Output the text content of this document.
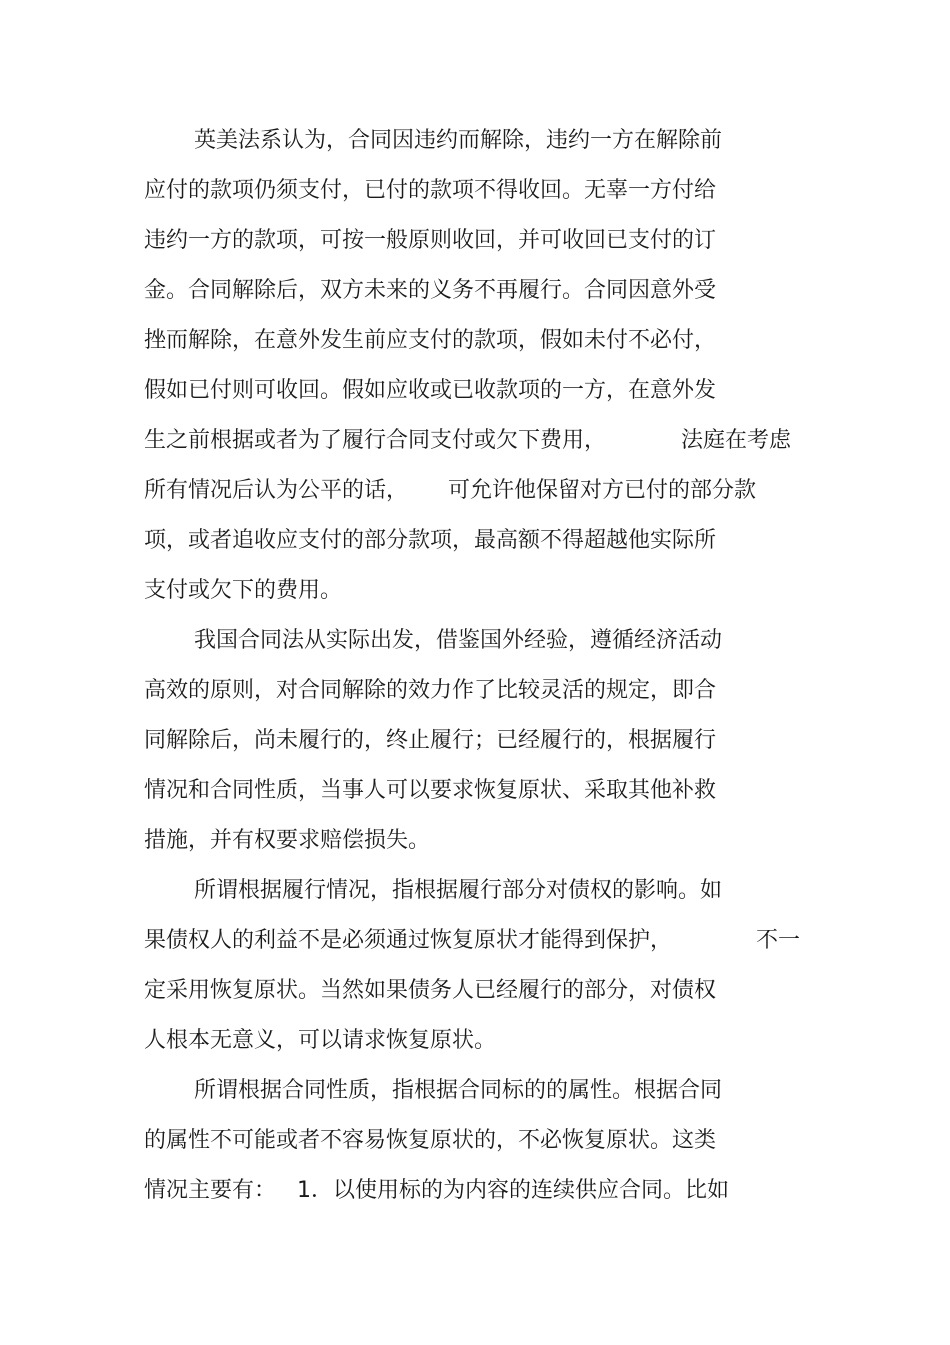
英美法系认为，合同因违约而解除，违约一方在解除前
应付的款项仍须支付，已付的款项不得收回。无辜一方付给
违约一方的款项，可按一般原则收回，并可收回已支付的订
金。合同解除后，双方未来的义务不再履行。合同因意外受
挫而解除，在意外发生前应支付的款项，假如未付不必付，
假如已付则可收回。假如应收或已收款项的一方，在意外发
生之前根据或者为了履行合同支付或欠下费用，	法庭在考虑
所有情况后认为公平的话， 可允许他保留对方已付的部分款
项，或者追收应支付的部分款项，最高额不得超越他实际所
支付或欠下的费用。
我国合同法从实际出发，借鉴国外经验，遵循经济活动
高效的原则，对合同解除的效力作了比较灵活的规定，即合
同解除后，尚未履行的，终止履行；已经履行的，根据履行
情况和合同性质，当事人可以要求恢复原状、采取其他补救
措施，并有权要求赔偿损失。
所谓根据履行情况，指根据履行部分对债权的影响。如
果债权人的利益不是必须通过恢复原状才能得到保护，	不一
定采用恢复原状。当然如果债务人已经履行的部分，对债权
人根本无意义，可以请求恢复原状。
所谓根据合同性质，指根据合同标的的属性。根据合同
的属性不可能或者不容易恢复原状的，不必恢复原状。这类
情况主要有： 1．以使用标的为内容的连续供应合同。比如
